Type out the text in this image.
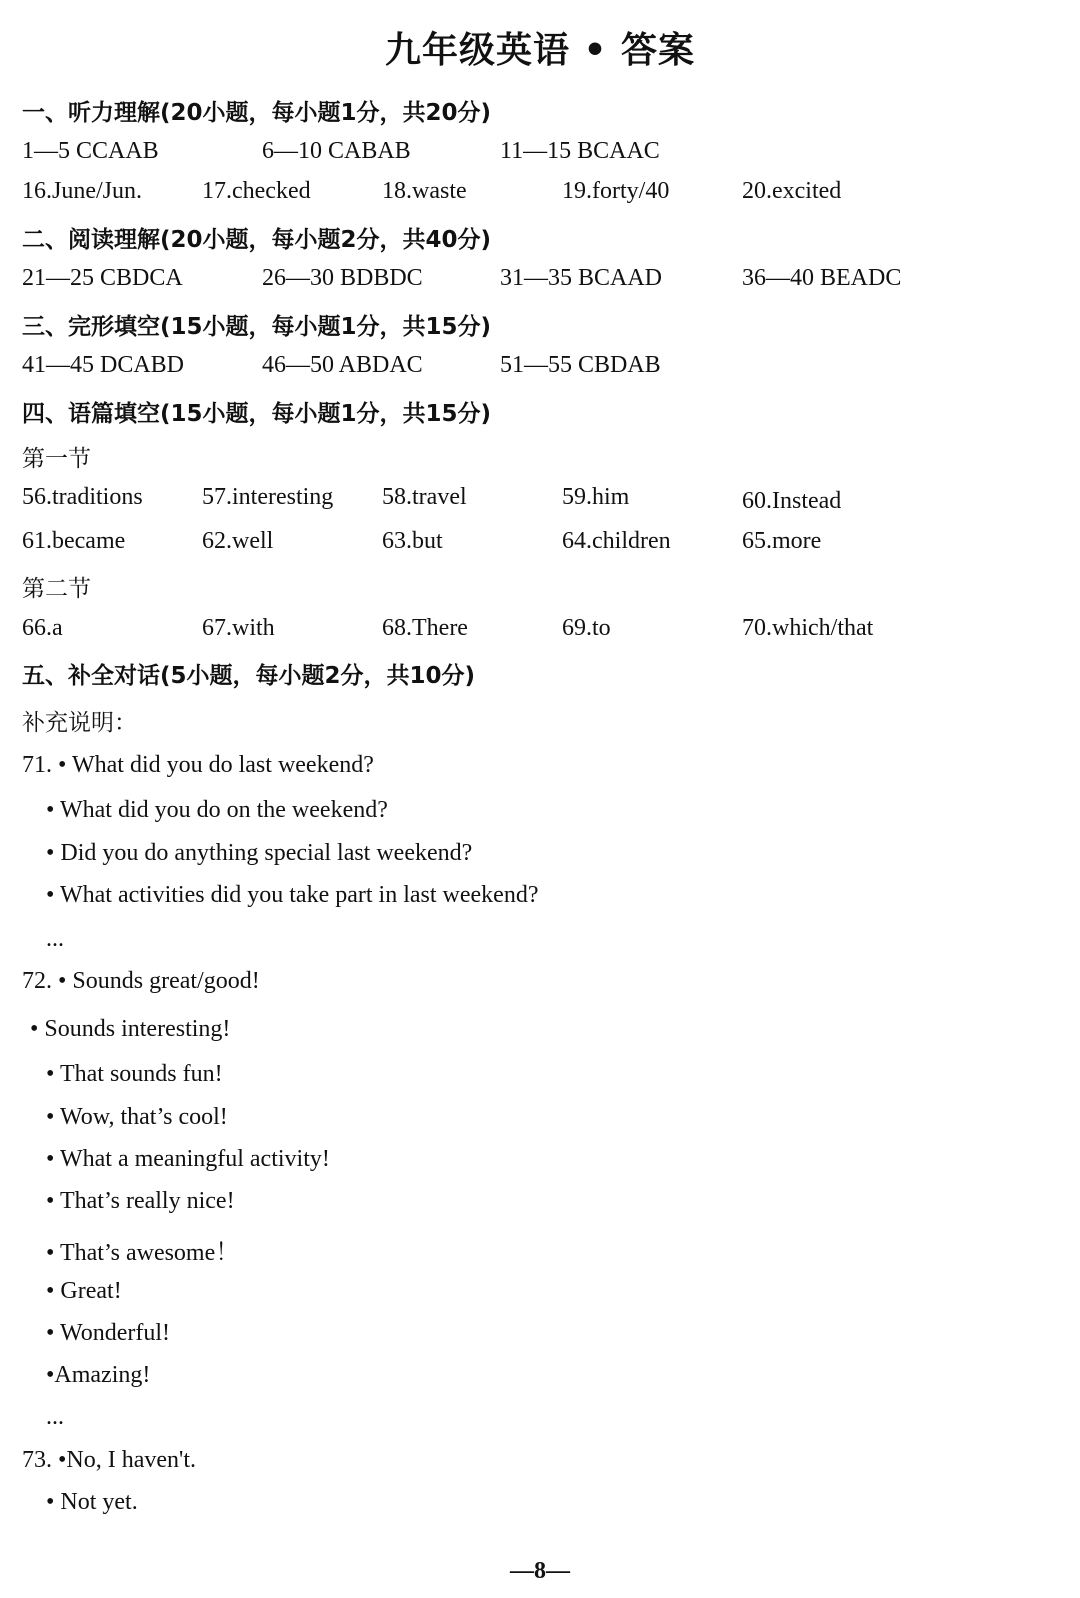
九年级英语 • 答案
一、听力理解(20小题，每小题1分，共20分)
1—5 CCAAB	6—10 CABAB	11—15 BCAAC
16.June/Jun.	17.checked	18.waste	19.forty/40	20.excited
二、阅读理解(20小题，每小题2分，共40分)
21—25 CBDCA	26—30 BDBDC	31—35 BCAAD	36—40 BEADC
三、完形填空(15小题，每小题1分，共15分)
41—45 DCABD	46—50 ABDAC	51—55 CBDAB
四、语篇填空(15小题，每小题1分，共15分)
第一节
56.traditions 57.interesting 58.travel	59.him	60.Instead
61.became	62.well	63.but	64.children	65.more
第二节
66.a	67.with	68.There	69.to	70.which/that
五、补全对话(5小题，每小题2分，共10分)
补充说明：
71. • What did you do last weekend?
• What did you do on the weekend?
• Did you do anything special last weekend?
• What activities did you take part in last weekend?
...
72. • Sounds great/good!
• Sounds interesting!
• That sounds fun!
• Wow, that’s cool!
• What a meaningful activity!
• That’s really nice!
• That’s awesome！
• Great!
• Wonderful!
•Amazing!
...
73. •No, I haven't.
• Not yet.
—8—
